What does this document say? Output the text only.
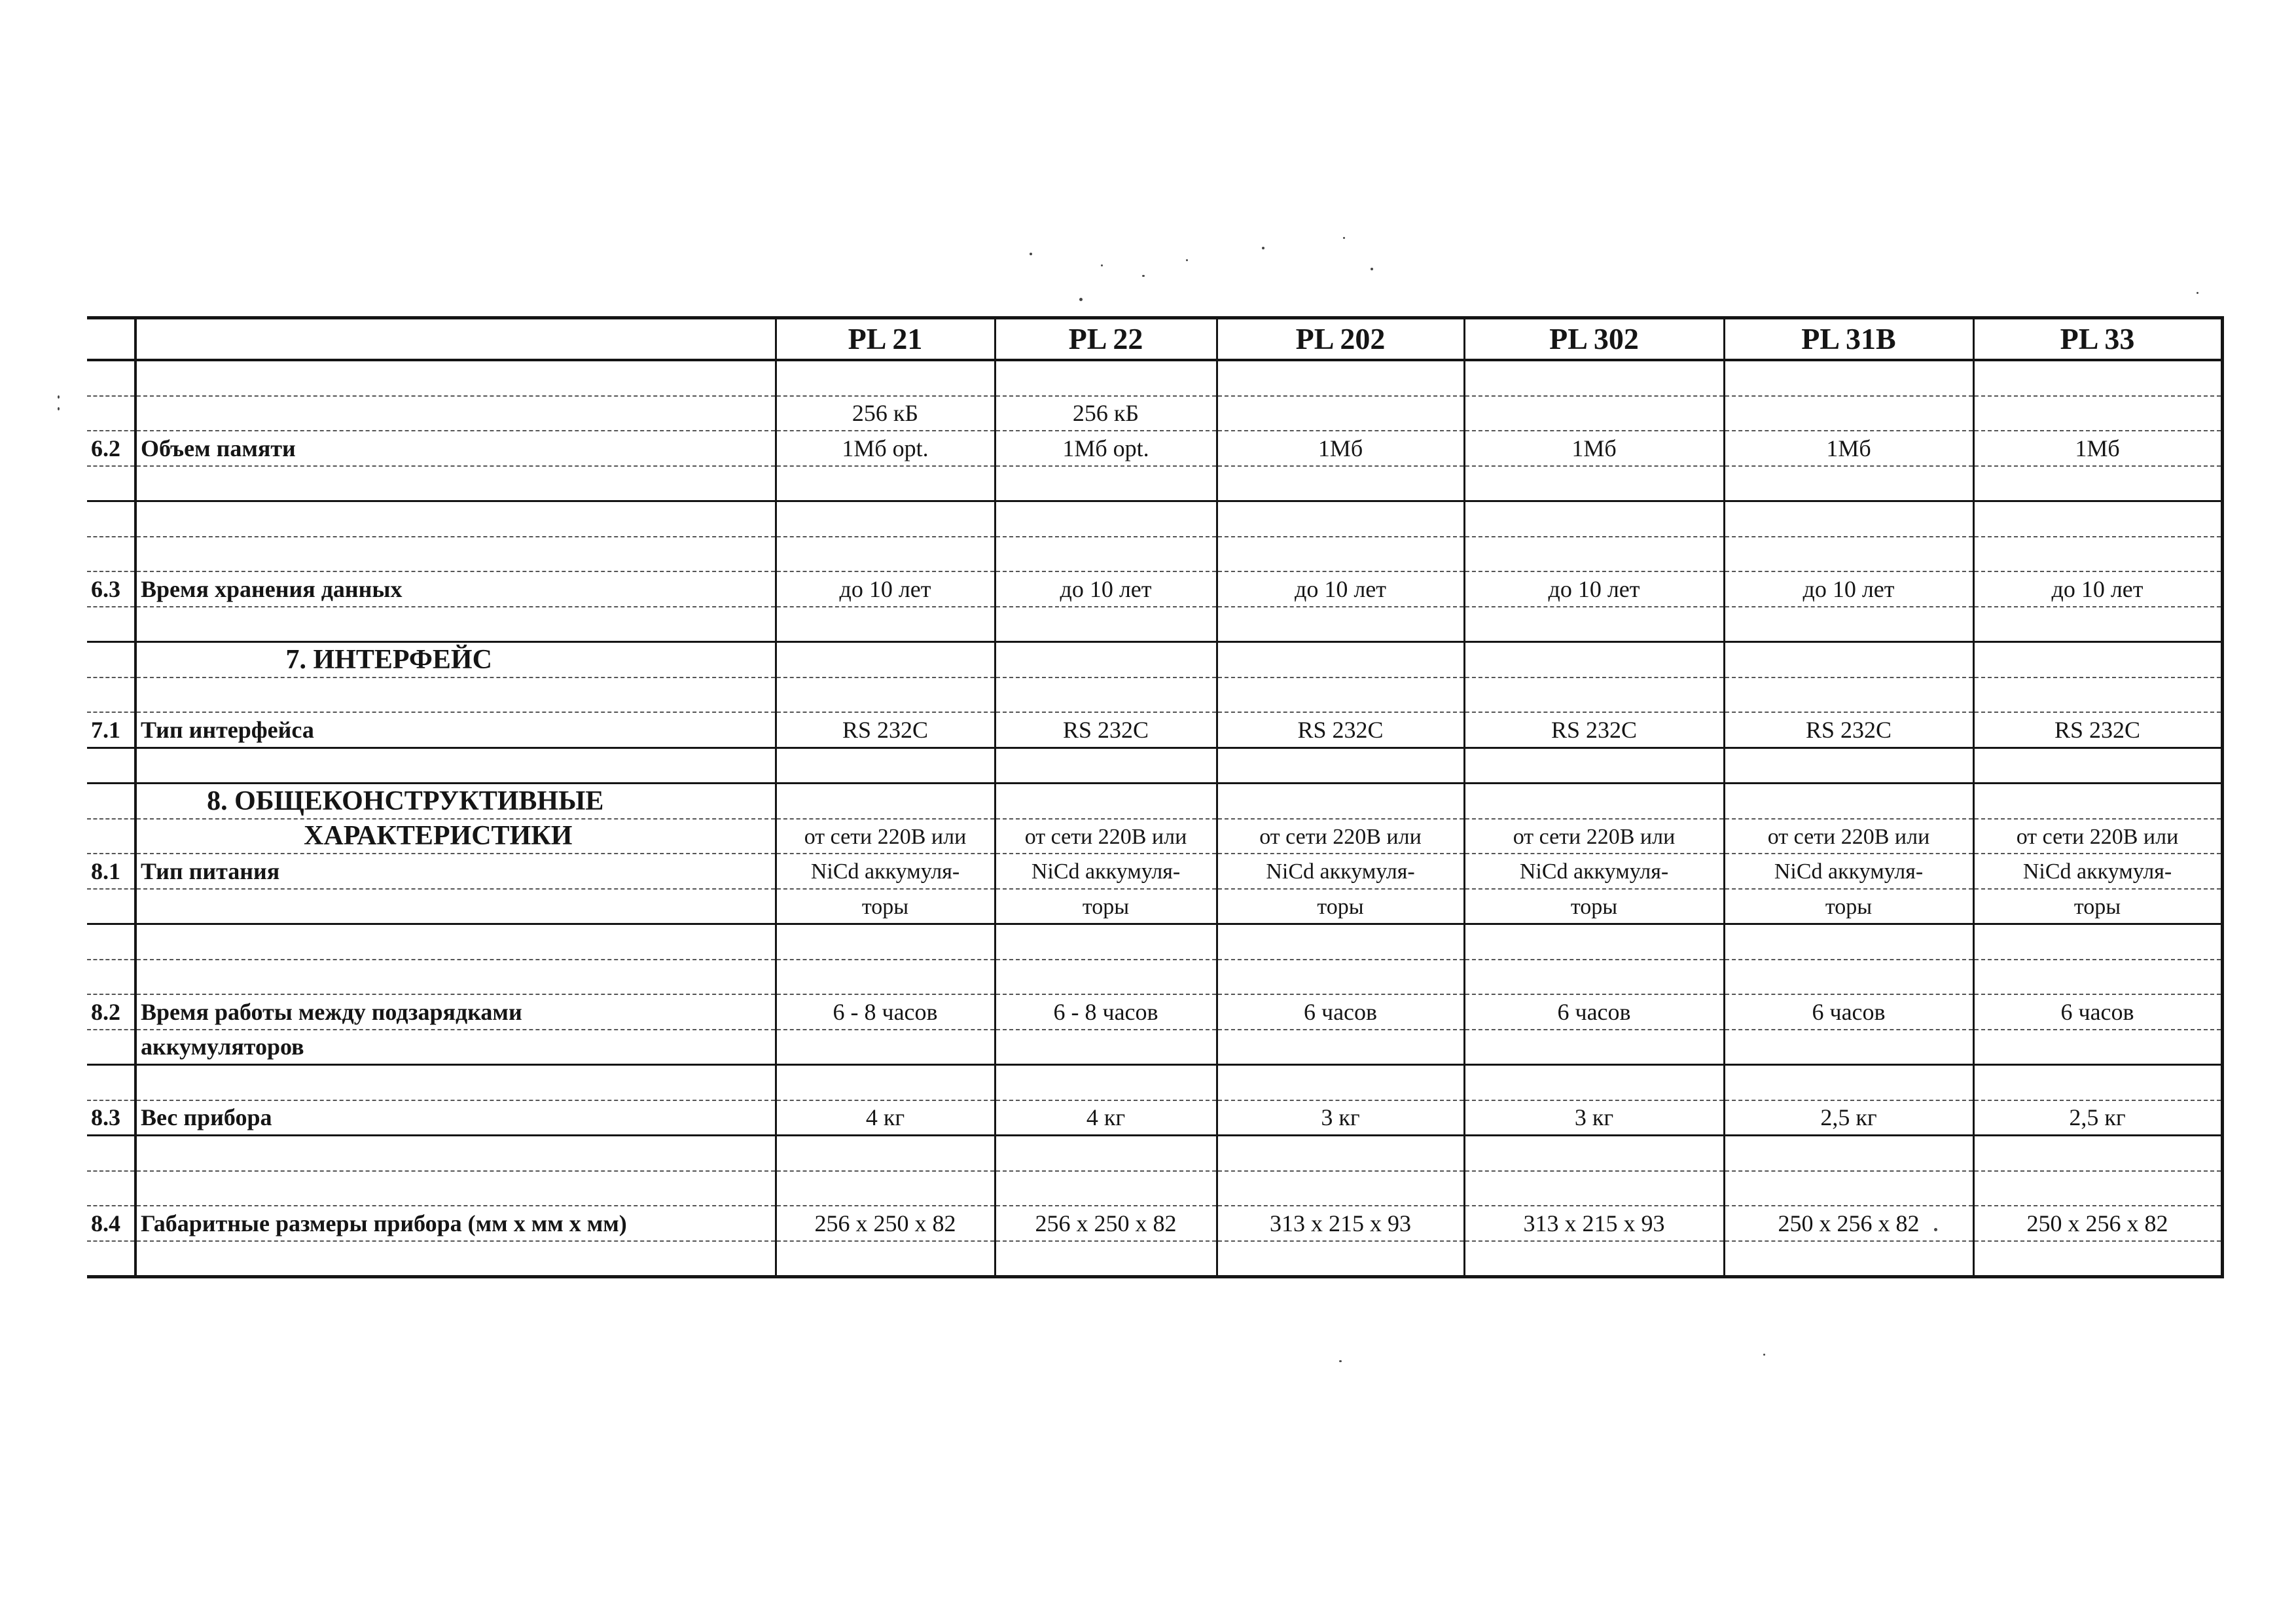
		PL 21	PL 22	PL 202	PL 302	PL 31B	PL 33

		256 кБ	256 кБ				
6.2	Объем памяти	1Мб opt.	1Мб opt.	1Мб	1Мб	1Мб	1Мб

6.3	Время хранения данных	до 10 лет	до 10 лет	до 10 лет	до 10 лет	до 10 лет	до 10 лет

	7. ИНТЕРФЕЙС						

7.1	Тип интерфейса	RS 232C	RS 232C	RS 232C	RS 232C	RS 232C	RS 232C

	8. ОБЩЕКОНСТРУКТИВНЫЕ						

	ХАРАКТЕРИСТИКИ	от сети 220В или	от сети 220В или	от сети 220В или	от сети 220В или	от сети 220В или	от сети 220В или
8.1	Тип питания	NiCd аккумуля-	NiCd аккумуля-	NiCd аккумуля-	NiCd аккумуля-	NiCd аккумуля-	NiCd аккумуля-
		торы	торы	торы	торы	торы	торы

8.2	Время работы между подзарядками	6 - 8 часов	6 - 8 часов	6 часов	6 часов	6 часов	6 часов
	аккумуляторов						

8.3	Вес прибора	4 кг	4 кг	3 кг	3 кг	2,5 кг	2,5 кг

8.4	Габаритные размеры прибора (мм х мм х мм)	256 х 250 х 82	256 х 250 х 82	313 х 215 х 93	313 х 215 х 93	250 х 256 х 82	250 х 256 х 82
